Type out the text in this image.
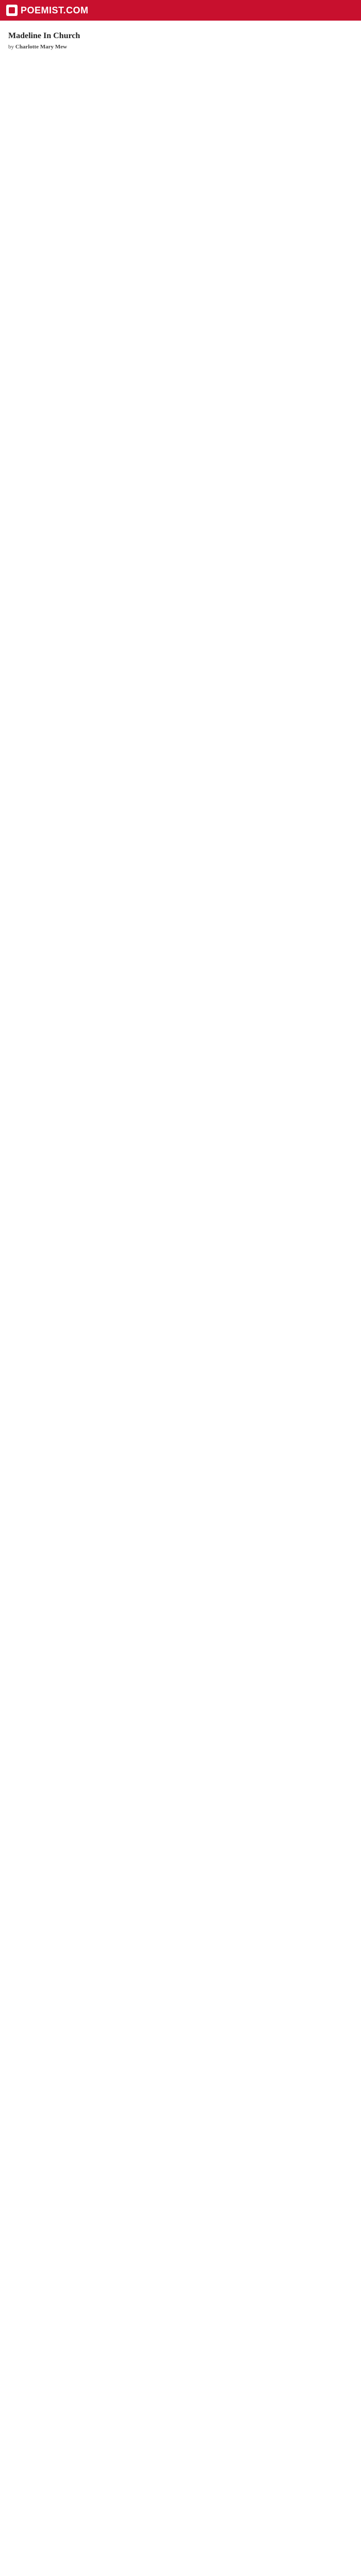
POEMIST.COM
Madeline In Church
by Charlotte Mary Mew
